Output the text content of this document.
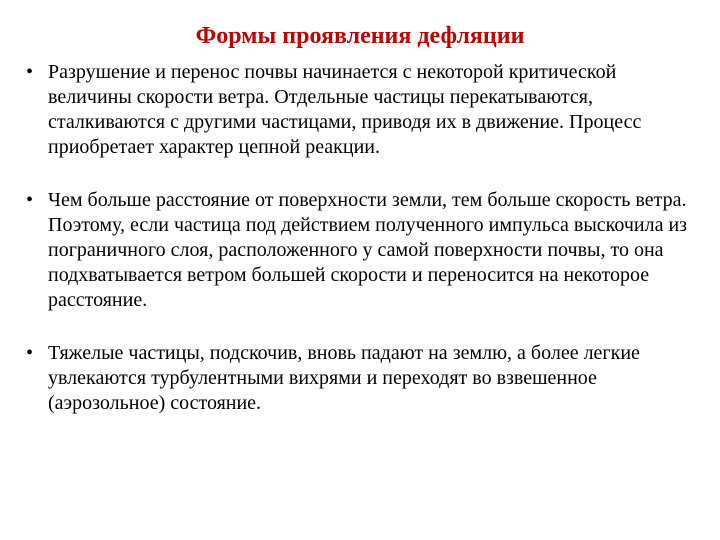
Формы проявления дефляции
• Разрушение и перенос почвы начинается с некоторой критической величины скорости ветра. Отдельные частицы перекатываются, сталкиваются с другими частицами, приводя их в движение. Процесс приобретает характер цепной реакции.
• Чем больше расстояние от поверхности земли, тем больше скорость ветра. Поэтому, если частица под действием полученного импульса выскочила из пограничного слоя, расположенного у самой поверхности почвы, то она подхватывается ветром большей скорости и переносится на некоторое расстояние.
• Тяжелые частицы, подскочив, вновь падают на землю, а более легкие увлекаются турбулентными вихрями и переходят во взвешенное (аэрозольное) состояние.
